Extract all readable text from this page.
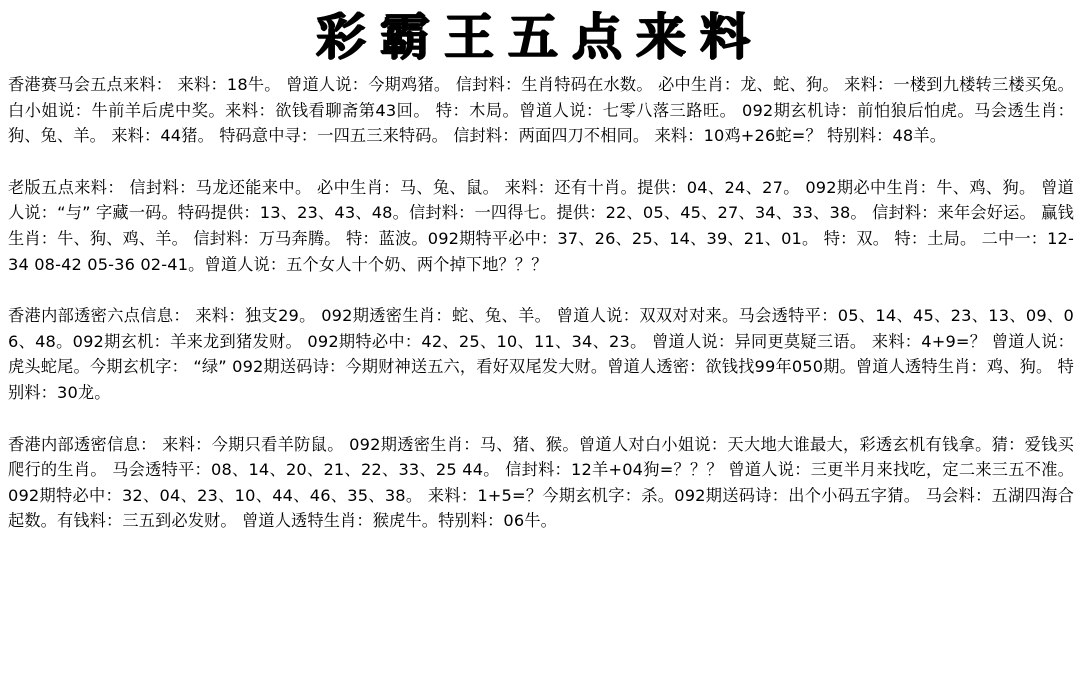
彩霸王五点来料
香港赛马会五点来料： 来料：18牛。 曾道人说：今期鸡猪。 信封料：生肖特码在水数。 必中生肖：龙、蛇、狗。 来料：一楼到九楼转三楼买兔。白小姐说：牛前羊后虎中奖。来料：欲钱看聊斋第43回。 特：木局。曾道人说：七零八落三路旺。 092期玄机诗：前怕狼后怕虎。马会透生肖：狗、兔、羊。 来料：44猪。 特码意中寻：一四五三来特码。 信封料：两面四刀不相同。 来料：10鸡+26蛇=？ 特别料：48羊。
老版五点来料： 信封料：马龙还能来中。 必中生肖：马、兔、鼠。 来料：还有十肖。提供：04、24、27。 092期必中生肖：牛、鸡、狗。 曾道人说：“与” 字藏一码。特码提供：13、23、43、48。信封料：一四得七。提供：22、05、45、27、34、33、38。 信封料：来年会好运。 赢钱生肖：牛、狗、鸡、羊。 信封料：万马奔腾。 特：蓝波。092期特平必中：37、26、25、14、39、21、01。 特：双。 特：土局。 二中一：12-34 08-42 05-36 02-41。曾道人说：五个女人十个奶、两个掉下地？？？
香港内部透密六点信息： 来料：独支29。 092期透密生肖：蛇、兔、羊。 曾道人说：双双对对来。马会透特平：05、14、45、23、13、09、06、48。092期玄机：羊来龙到猪发财。 092期特必中：42、25、10、11、34、23。 曾道人说：异同更莫疑三语。 来料：4+9=？ 曾道人说：虎头蛇尾。今期玄机字： “绿” 092期送码诗：今期财神送五六，看好双尾发大财。曾道人透密：欲钱找99年050期。曾道人透特生肖：鸡、狗。 特别料：30龙。
香港内部透密信息： 来料：今期只看羊防鼠。 092期透密生肖：马、猪、猴。曾道人对白小姐说：天大地大谁最大，彩透玄机有钱拿。猜：爱钱买爬行的生肖。 马会透特平：08、14、20、21、22、33、25 44。 信封料：12羊+04狗=？？？ 曾道人说：三更半月来找吃，定二来三五不准。 092期特必中：32、04、23、10、44、46、35、38。 来料：1+5=？今期玄机字：杀。092期送码诗：出个小码五字猜。 马会料：五湖四海合起数。有钱料：三五到必发财。 曾道人透特生肖：猴虎牛。特别料：06牛。
